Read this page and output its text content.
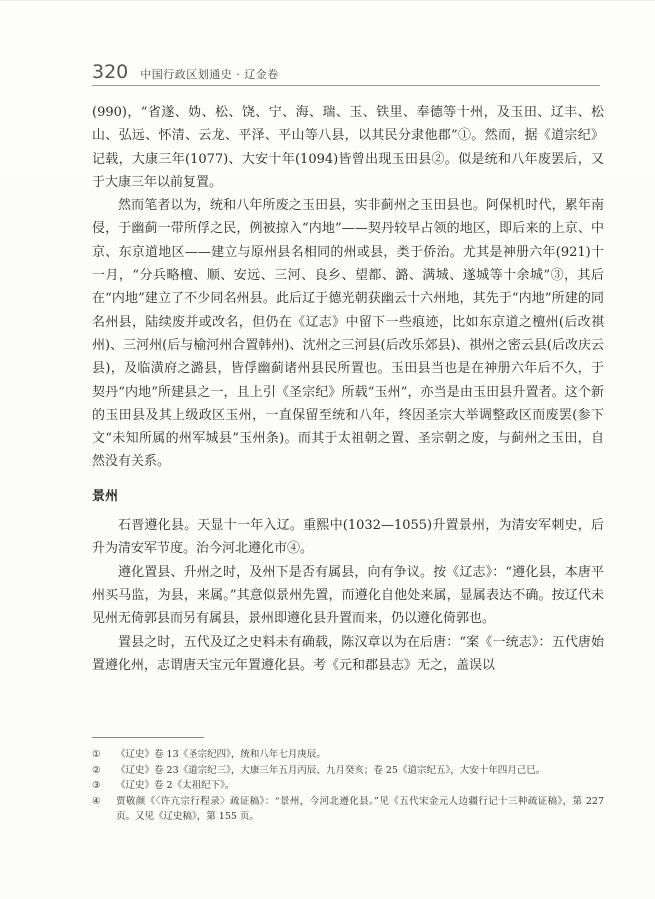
320 中国行政区划通史 · 辽金卷

(990)，“省遂、妫、松、饶、宁、海、瑞、玉、铁里、奉德等十州，及玉田、辽丰、松山、弘远、怀清、云龙、平泽、平山等八县，以其民分隶他郡”①。然而，据《道宗纪》记载，大康三年(1077)、大安十年(1094)皆曾出现玉田县②。似是统和八年废罢后，又于大康三年以前复置。

然而笔者以为，统和八年所废之玉田县，实非蓟州之玉田县也。阿保机时代，累年南侵，于幽蓟一带所俘之民，例被掠入“内地”——契丹较早占领的地区，即后来的上京、中京、东京道地区——建立与原州县名相同的州或县，类于侨治。尤其是神册六年(921)十一月，“分兵略檀、顺、安远、三河、良乡、望都、潞、满城、遂城等十余城”③，其后在“内地”建立了不少同名州县。此后辽于德光朝获幽云十六州地，其先于“内地”所建的同名州县，陆续废并或改名，但仍在《辽志》中留下一些痕迹，比如东京道之檀州(后改祺州)、三河州(后与榆河州合置韩州)、沈州之三河县(后改乐郊县)、祺州之密云县(后改庆云县)，及临潢府之潞县，皆俘幽蓟诸州县民所置也。玉田县当也是在神册六年后不久，于契丹“内地”所建县之一，且上引《圣宗纪》所载“玉州”，亦当是由玉田县升置者。这个新的玉田县及其上级政区玉州，一直保留至统和八年，终因圣宗大举调整政区而废罢(参下文“未知所属的州军城县”玉州条)。而其于太祖朝之置、圣宗朝之废，与蓟州之玉田，自然没有关系。

景州

石晋遵化县。天显十一年入辽。重熙中(1032—1055)升置景州，为清安军刺史，后升为清安军节度。治今河北遵化市④。

遵化置县、升州之时，及州下是否有属县，向有争议。按《辽志》：“遵化县，本唐平州买马监，为县，来属。”其意似景州先置，而遵化自他处来属，显属表达不确。按辽代未见州无倚郭县而另有属县，景州即遵化县升置而来，仍以遵化倚郭也。

置县之时，五代及辽之史料未有确载，陈汉章以为在后唐：“案《一统志》：五代唐始置遵化州，志谓唐天宝元年置遵化县。考《元和郡县志》无之，盖误以

①	《辽史》卷 13《圣宗纪四》，统和八年七月庚辰。
②	《辽史》卷 23《道宗纪三》，大康三年五月丙辰、九月癸亥；卷 25《道宗纪五》，大安十年四月己巳。
③	《辽史》卷 2《太祖纪下》。
④	贾敬颜《〈许亢宗行程录〉疏证稿》：“景州，今河北遵化县。”见《五代宋金元人边疆行记十三种疏证稿》，第 227 页。又见《辽史稿》，第 155 页。
